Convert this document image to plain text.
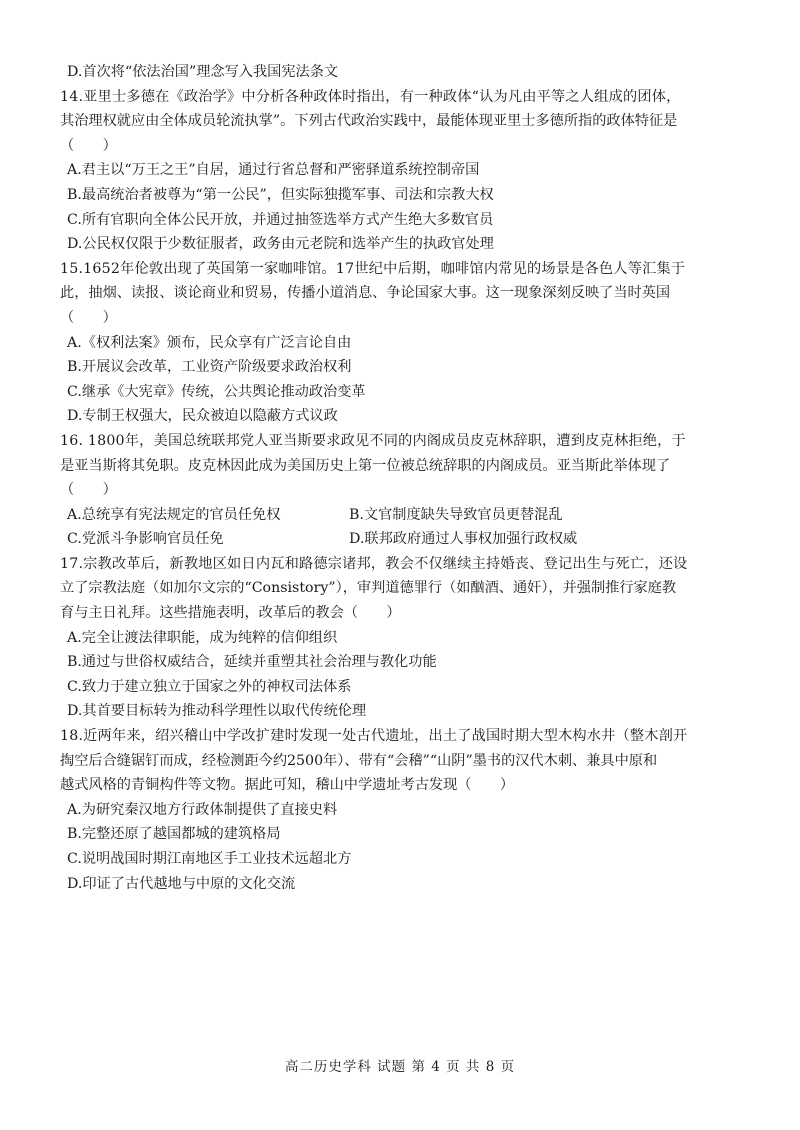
D.首次将“依法治国”理念写入我国宪法条文
14.亚里士多德在《政治学》中分析各种政体时指出，有一种政体“认为凡由平等之人组成的团体，
其治理权就应由全体成员轮流执掌”。下列古代政治实践中，最能体现亚里士多德所指的政体特征是
（　　）
A.君主以“万王之王”自居，通过行省总督和严密驿道系统控制帝国
B.最高统治者被尊为“第一公民”，但实际独揽军事、司法和宗教大权
C.所有官职向全体公民开放，并通过抽签选举方式产生绝大多数官员
D.公民权仅限于少数征服者，政务由元老院和选举产生的执政官处理
15.1652年伦敦出现了英国第一家咖啡馆。17世纪中后期，咖啡馆内常见的场景是各色人等汇集于
此，抽烟、读报、谈论商业和贸易，传播小道消息、争论国家大事。这一现象深刻反映了当时英国
（　　）
A.《权利法案》颁布，民众享有广泛言论自由
B.开展议会改革，工业资产阶级要求政治权利
C.继承《大宪章》传统，公共舆论推动政治变革
D.专制王权强大，民众被迫以隐蔽方式议政
16. 1800年，美国总统联邦党人亚当斯要求政见不同的内阁成员皮克林辞职，遭到皮克林拒绝，于
是亚当斯将其免职。皮克林因此成为美国历史上第一位被总统辞职的内阁成员。亚当斯此举体现了
（　　）
A.总统享有宪法规定的官员任免权	B.文官制度缺失导致官员更替混乱
C.党派斗争影响官员任免	D.联邦政府通过人事权加强行政权威
17.宗教改革后，新教地区如日内瓦和路德宗诸邦，教会不仅继续主持婚丧、登记出生与死亡，还设
立了宗教法庭（如加尔文宗的“Consistory”），审判道德罪行（如酗酒、通奸），并强制推行家庭教
育与主日礼拜。这些措施表明，改革后的教会（　　）
A.完全让渡法律职能，成为纯粹的信仰组织
B.通过与世俗权威结合，延续并重塑其社会治理与教化功能
C.致力于建立独立于国家之外的神权司法体系
D.其首要目标转为推动科学理性以取代传统伦理
18.近两年来，绍兴稽山中学改扩建时发现一处古代遗址，出土了战国时期大型木构水井（整木剖开
掏空后合缝锯钉而成，经检测距今约2500年）、带有“会稽”“山阴”墨书的汉代木刺、兼具中原和
越式风格的青铜构件等文物。据此可知，稽山中学遗址考古发现（　　）
A.为研究秦汉地方行政体制提供了直接史料
B.完整还原了越国都城的建筑格局
C.说明战国时期江南地区手工业技术远超北方
D.印证了古代越地与中原的文化交流
高二历史学科 试题 第 4 页 共 8 页
